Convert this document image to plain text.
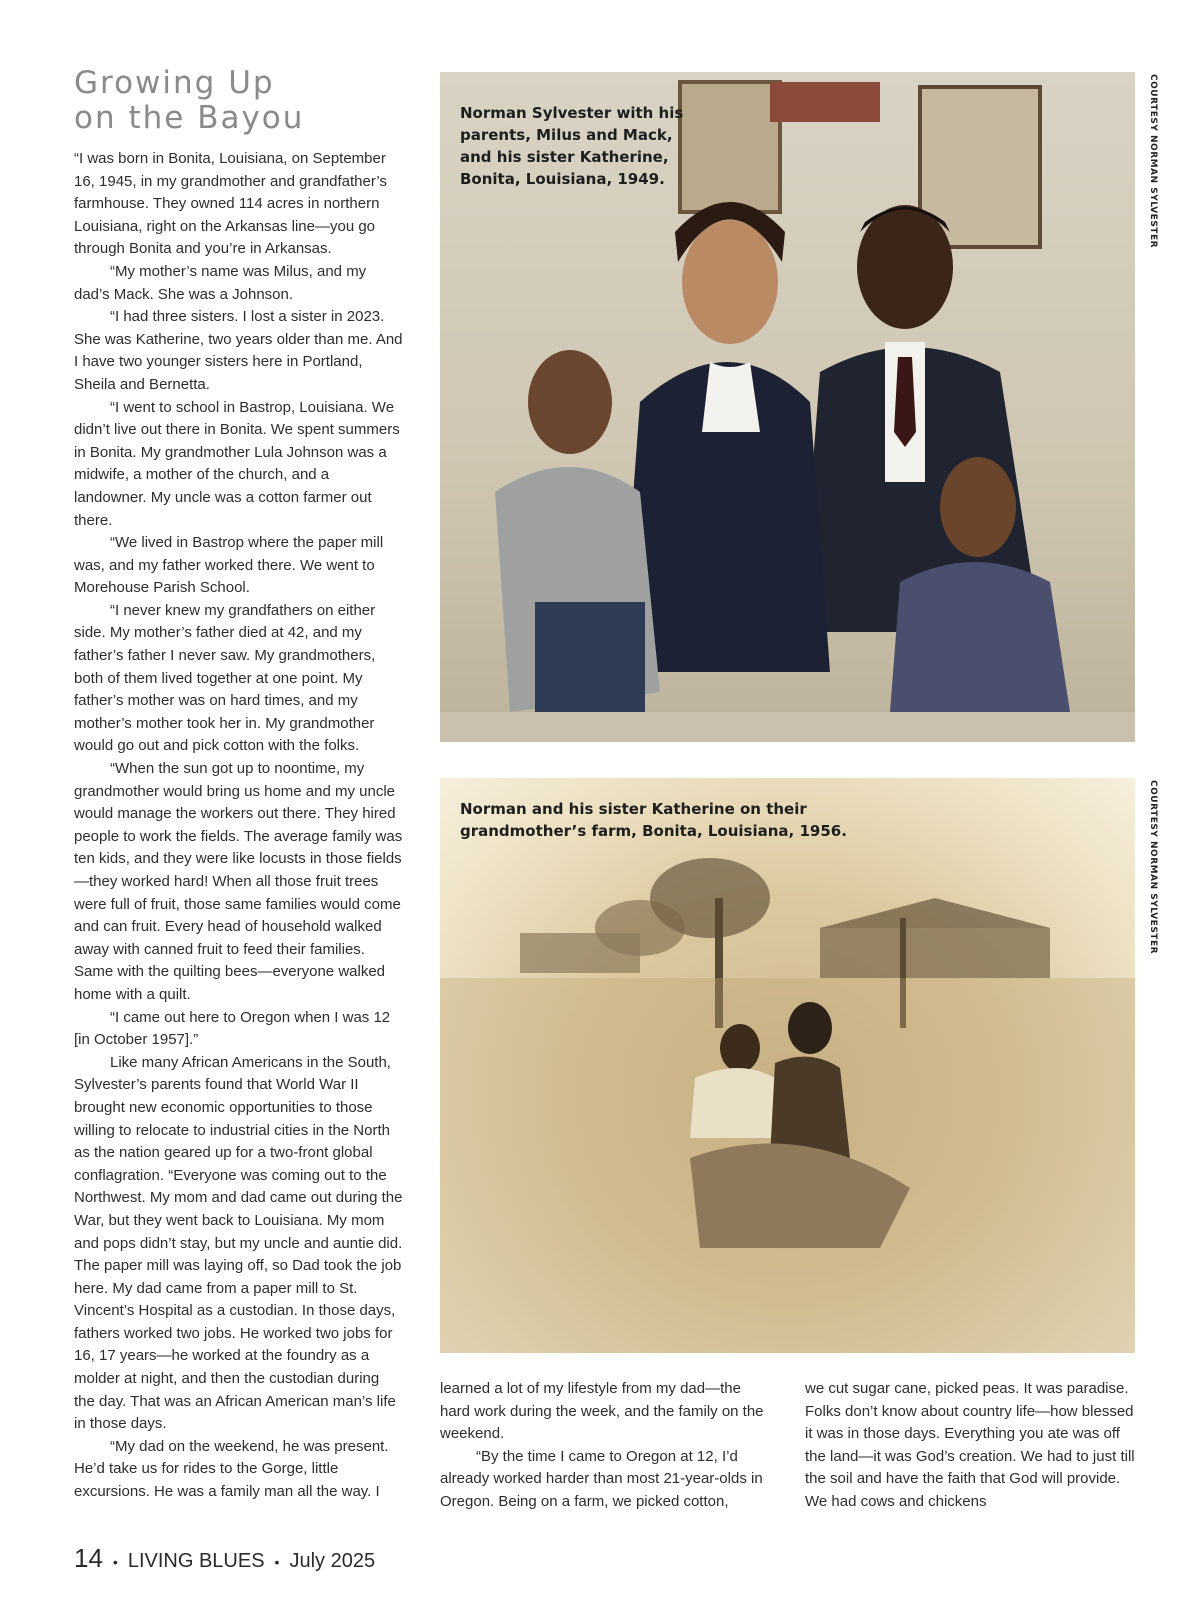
Growing Up
on the Bayou

“I was born in Bonita, Louisiana, on September 16, 1945, in my grandmother and grandfather’s farmhouse. They owned 114 acres in northern Louisiana, right on the Arkansas line—you go through Bonita and you’re in Arkansas.

“My mother’s name was Milus, and my dad’s Mack. She was a Johnson.

“I had three sisters. I lost a sister in 2023. She was Katherine, two years older than me. And I have two younger sisters here in Portland, Sheila and Bernetta.

“I went to school in Bastrop, Louisiana. We didn’t live out there in Bonita. We spent summers in Bonita. My grandmother Lula Johnson was a midwife, a mother of the church, and a landowner. My uncle was a cotton farmer out there.

“We lived in Bastrop where the paper mill was, and my father worked there. We went to Morehouse Parish School.

“I never knew my grandfathers on either side. My mother’s father died at 42, and my father’s father I never saw. My grandmothers, both of them lived together at one point. My father’s mother was on hard times, and my mother’s mother took her in. My grandmother would go out and pick cotton with the folks.

“When the sun got up to noontime, my grandmother would bring us home and my uncle would manage the workers out there. They hired people to work the fields. The average family was ten kids, and they were like locusts in those fields—they worked hard! When all those fruit trees were full of fruit, those same families would come and can fruit. Every head of household walked away with canned fruit to feed their families. Same with the quilting bees—everyone walked home with a quilt.

“I came out here to Oregon when I was 12 [in October 1957].”

Like many African Americans in the South, Sylvester’s parents found that World War II brought new economic opportunities to those willing to relocate to industrial cities in the North as the nation geared up for a two-front global conflagration. “Everyone was coming out to the Northwest. My mom and dad came out during the War, but they went back to Louisiana. My mom and pops didn’t stay, but my uncle and auntie did. The paper mill was laying off, so Dad took the job here. My dad came from a paper mill to St. Vincent’s Hospital as a custodian. In those days, fathers worked two jobs. He worked two jobs for 16, 17 years—he worked at the foundry as a molder at night, and then the custodian during the day. That was an African American man’s life in those days.

“My dad on the weekend, he was present. He’d take us for rides to the Gorge, little excursions. He was a family man all the way. I

Norman Sylvester with his parents, Milus and Mack, and his sister Katherine, Bonita, Louisiana, 1949.	COURTESY NORMAN SYLVESTER
Norman and his sister Katherine on their grandmother’s farm, Bonita, Louisiana, 1956.	COURTESY NORMAN SYLVESTER

learned a lot of my lifestyle from my dad—the hard work during the week, and the family on the weekend.

“By the time I came to Oregon at 12, I’d already worked harder than most 21-year-olds in Oregon. Being on a farm, we picked cotton,

we cut sugar cane, picked peas. It was paradise. Folks don’t know about country life—how blessed it was in those days. Everything you ate was off the land—it was God’s creation. We had to just till the soil and have the faith that God will provide. We had cows and chickens

14 • LIVING BLUES • July 2025
